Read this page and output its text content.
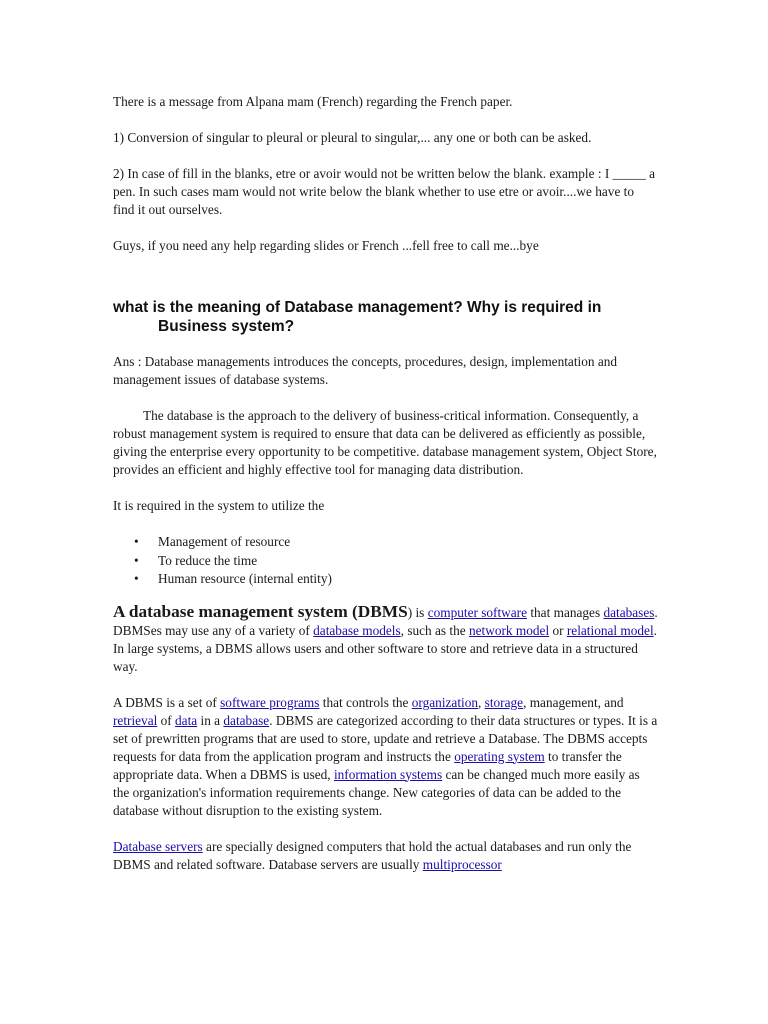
There is a message from Alpana mam (French) regarding the French paper.

1) Conversion of singular to pleural or pleural to singular,... any one or both can be asked.

2) In case of fill in the blanks, etre or avoir would not be written below the blank. example : I _____ a pen. In such cases mam would not write below the blank whether to use etre or avoir....we have to find it out ourselves.

Guys, if you need any help regarding slides or French ...fell free to call me...bye

what is the meaning of Database management? Why is required in Business system?

Ans : Database managements introduces the concepts, procedures, design, implementation and management issues of database systems.

The database is the approach to the delivery of business-critical information. Consequently, a robust management system is required to ensure that data can be delivered as efficiently as possible, giving the enterprise every opportunity to be competitive. database management system, Object Store, provides an efficient and highly effective tool for managing data distribution.

It is required in the system to utilize the

• Management of resource
• To reduce the time
• Human resource (internal entity)

A database management system (DBMS) is computer software that manages databases. DBMSes may use any of a variety of database models, such as the network model or relational model. In large systems, a DBMS allows users and other software to store and retrieve data in a structured way.

A DBMS is a set of software programs that controls the organization, storage, management, and retrieval of data in a database. DBMS are categorized according to their data structures or types. It is a set of prewritten programs that are used to store, update and retrieve a Database. The DBMS accepts requests for data from the application program and instructs the operating system to transfer the appropriate data. When a DBMS is used, information systems can be changed much more easily as the organization's information requirements change. New categories of data can be added to the database without disruption to the existing system.

Database servers are specially designed computers that hold the actual databases and run only the DBMS and related software. Database servers are usually multiprocessor
